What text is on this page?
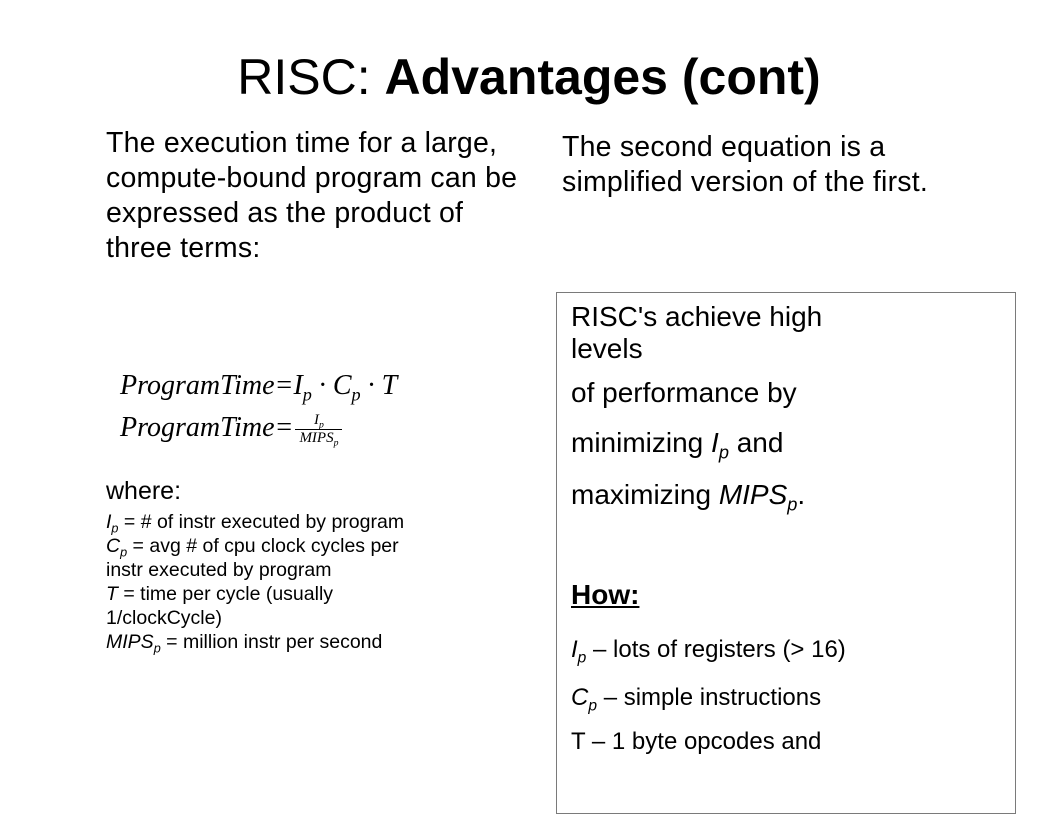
RISC: Advantages (cont)
The execution time for a large, compute-bound program can be expressed as the product of three terms:
The second equation is a simplified version of the first.
$ProgramTime=I_p \cdot C_p \cdot T$
ProgramTime= $\frac{I_p}{MIPS_p}$
where:
$I_p$ = # of instr executed by program
$C_p$ = avg # of cpu clock cycles per
instr executed by program
T = time per cycle (usually
1/clockCycle)
$MIPS_p$ = million instr per second

RISC's achieve high

levels

of performance by

minimizing $I_p$ and

maximizing $MIPS_p$.

How:

$I_p$ – lots of registers (> 16)

$C_p$ – simple instructions

T – 1 byte opcodes and
